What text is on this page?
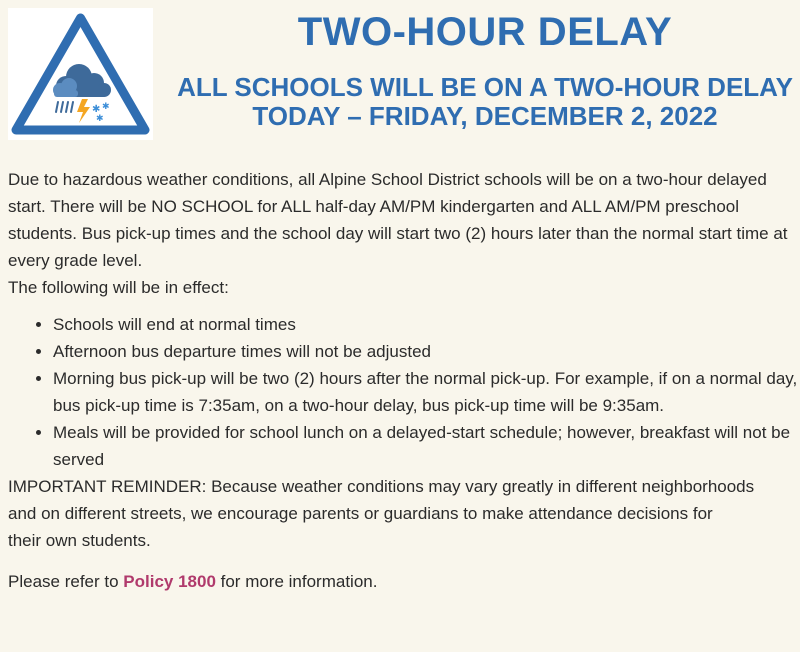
✱ ✱
✱
TWO-HOUR DELAY
ALL SCHOOLS WILL BE ON A TWO-HOUR DELAY
TODAY – FRIDAY, DECEMBER 2, 2022

Due to hazardous weather conditions, all Alpine School District schools will be on a two-hour delayed start. There will be NO SCHOOL for ALL half-day AM/PM kindergarten and ALL AM/PM preschool students. Bus pick-up times and the school day will start two (2) hours later than the normal start time at every grade level.

The following will be in effect:

• Schools will end at normal times
• Afternoon bus departure times will not be adjusted
• Morning bus pick-up will be two (2) hours after the normal pick-up. For example, if on a normal day, bus pick-up time is 7:35am, on a two-hour delay, bus pick-up time will be 9:35am.
• Meals will be provided for school lunch on a delayed-start schedule; however, breakfast will not be served

IMPORTANT REMINDER: Because weather conditions may vary greatly in different neighborhoods
and on different streets, we encourage parents or guardians to make attendance decisions for
their own students.

Please refer to Policy 1800 for more information.
